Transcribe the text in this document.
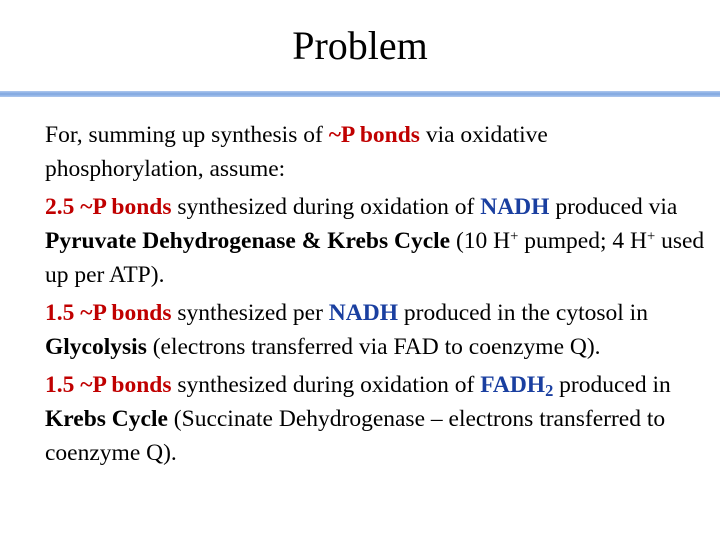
Problem

For, summing up synthesis of ~P bonds via oxidative phosphorylation, assume:

2.5 ~P bonds synthesized during oxidation of NADH produced via Pyruvate Dehydrogenase & Krebs Cycle (10 H+ pumped; 4 H+ used up per ATP).

1.5 ~P bonds synthesized per NADH produced in the cytosol in Glycolysis (electrons transferred via FAD to coenzyme Q).

1.5 ~P bonds synthesized during oxidation of $FADH_2$ produced in Krebs Cycle (Succinate Dehydrogenase – electrons transferred to coenzyme Q).
